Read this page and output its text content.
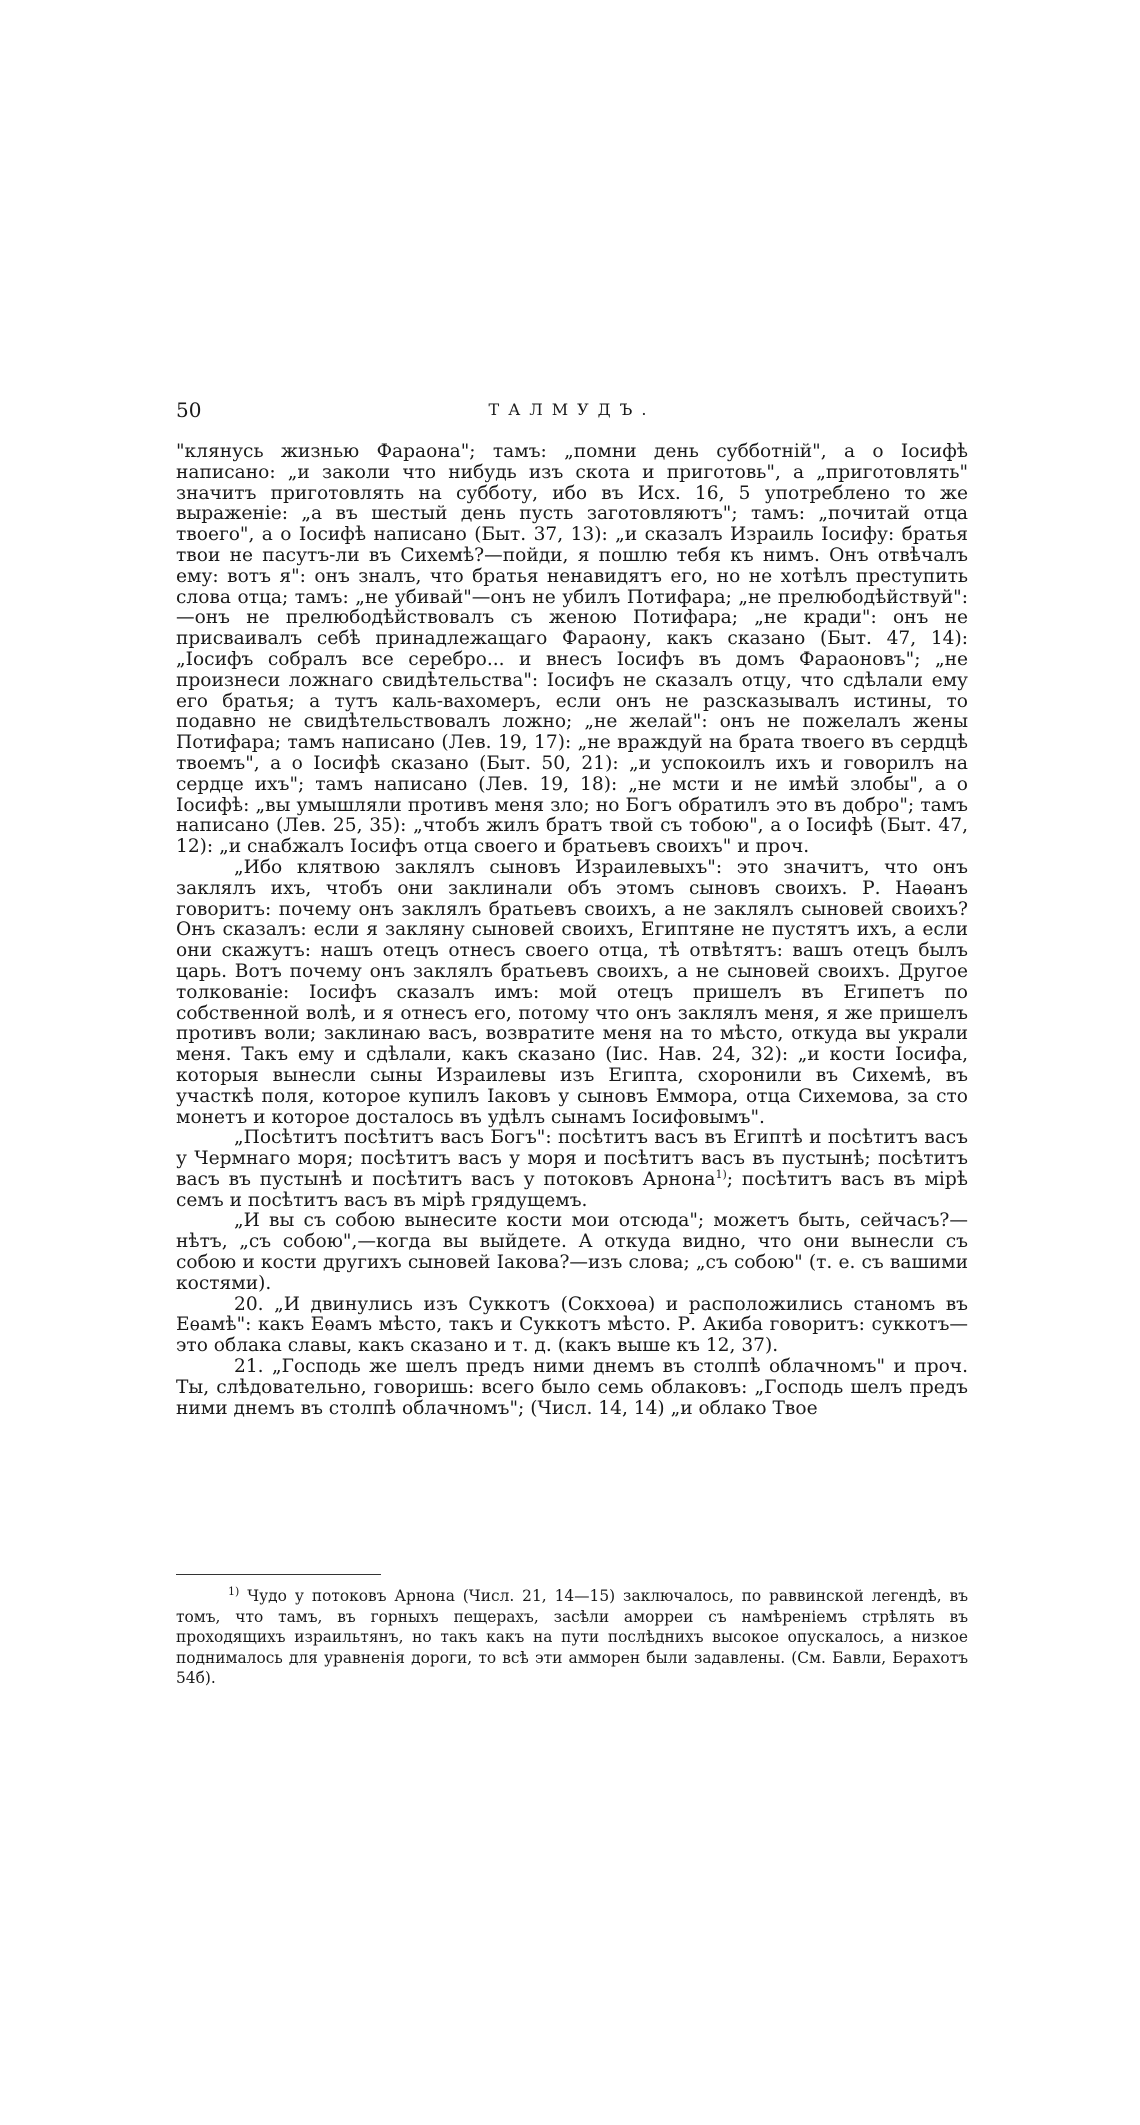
50	ТАЛМУДЪ.

"клянусь жизнью Фараона"; тамъ: „помни день субботній", а о Іосифѣ написано: „и заколи что нибудь изъ скота и приготовь", а „приготовлять" значитъ приготовлять на субботу, ибо въ Исх. 16, 5 употреблено то же выраженіе: „а въ шестый день пусть заготовляютъ"; тамъ: „почитай отца твоего", а о Іосифѣ написано (Быт. 37, 13): „и сказалъ Израиль Іосифу: братья твои не пасутъ-ли въ Сихемѣ?—пойди, я пошлю тебя къ нимъ. Онъ отвѣчалъ ему: вотъ я": онъ зналъ, что братья ненавидятъ его, но не хотѣлъ преступить слова отца; тамъ: „не убивай"—онъ не убилъ Потифара; „не прелюбодѣйствуй":—онъ не прелюбодѣйствовалъ съ женою Потифара; „не кради": онъ не присваивалъ себѣ принадлежащаго Фараону, какъ сказано (Быт. 47, 14): „Іосифъ собралъ все серебро... и внесъ Іосифъ въ домъ Фараоновъ"; „не произнеси ложнаго свидѣтельства": Іосифъ не сказалъ отцу, что сдѣлали ему его братья; а тутъ каль-вахомеръ, если онъ не разсказывалъ истины, то подавно не свидѣтельствовалъ ложно; „не желай": онъ не пожелалъ жены Потифара; тамъ написано (Лев. 19, 17): „не враждуй на брата твоего въ сердцѣ твоемъ", а о Іосифѣ сказано (Быт. 50, 21): „и успокоилъ ихъ и говорилъ на сердце ихъ"; тамъ написано (Лев. 19, 18): „не мсти и не имѣй злобы", а о Іосифѣ: „вы умышляли противъ меня зло; но Богъ обратилъ это въ добро"; тамъ написано (Лев. 25, 35): „чтобъ жилъ братъ твой съ тобою", а о Іосифѣ (Быт. 47, 12): „и снабжалъ Іосифъ отца своего и братьевъ своихъ" и проч.

„Ибо клятвою заклялъ сыновъ Израилевыхъ": это значитъ, что онъ заклялъ ихъ, чтобъ они заклинали объ этомъ сыновъ своихъ. Р. Наѳанъ говоритъ: почему онъ заклялъ братьевъ своихъ, а не заклялъ сыновей своихъ? Онъ сказалъ: если я закляну сыновей своихъ, Египтяне не пустятъ ихъ, а если они скажутъ: нашъ отецъ отнесъ своего отца, тѣ отвѣтятъ: вашъ отецъ былъ царь. Вотъ почему онъ заклялъ братьевъ своихъ, а не сыновей своихъ. Другое толкованіе: Іосифъ сказалъ имъ: мой отецъ пришелъ въ Египетъ по собственной волѣ, и я отнесъ его, потому что онъ заклялъ меня, я же пришелъ противъ воли; заклинаю васъ, возвратите меня на то мѣсто, откуда вы украли меня. Такъ ему и сдѣлали, какъ сказано (Іис. Нав. 24, 32): „и кости Іосифа, которыя вынесли сыны Израилевы изъ Египта, схоронили въ Сихемѣ, въ участкѣ поля, которое купилъ Іаковъ у сыновъ Еммора, отца Сихемова, за сто монетъ и которое досталось въ удѣлъ сынамъ Іосифовымъ".

„Посѣтитъ посѣтитъ васъ Богъ": посѣтитъ васъ въ Египтѣ и посѣтитъ васъ у Чермнаго моря; посѣтитъ васъ у моря и посѣтитъ васъ въ пустынѣ; посѣтитъ васъ въ пустынѣ и посѣтитъ васъ у потоковъ Арнона$^{1)}$; посѣтитъ васъ въ мірѣ семъ и посѣтитъ васъ въ мірѣ грядущемъ.

„И вы съ собою вынесите кости мои отсюда"; можетъ быть, сейчасъ?—нѣтъ, „съ собою",—когда вы выйдете. А откуда видно, что они вынесли съ собою и кости другихъ сыновей Іакова?—изъ слова; „съ собою" (т. е. съ вашими костями).

20. „И двинулись изъ Суккотъ (Сокхоѳа) и расположились станомъ въ Еѳамѣ": какъ Еѳамъ мѣсто, такъ и Суккотъ мѣсто. Р. Акиба говоритъ: суккотъ—это облака славы, какъ сказано и т. д. (какъ выше къ 12, 37).

21. „Господь же шелъ предъ ними днемъ въ столпѣ облачномъ" и проч. Ты, слѣдовательно, говоришь: всего было семь облаковъ: „Господь шелъ предъ ними днемъ въ столпѣ облачномъ"; (Числ. 14, 14) „и облако Твое

$^{1)}$ Чудо у потоковъ Арнона (Числ. 21, 14—15) заключалось, по раввинской легендѣ, въ томъ, что тамъ, въ горныхъ пещерахъ, засѣли аморреи съ намѣреніемъ стрѣлять въ проходящихъ израильтянъ, но такъ какъ на пути послѣднихъ высокое опускалось, а низкое поднималось для уравненія дороги, то всѣ эти амморен были задавлены. (См. Бавли, Берахотъ 54б).
